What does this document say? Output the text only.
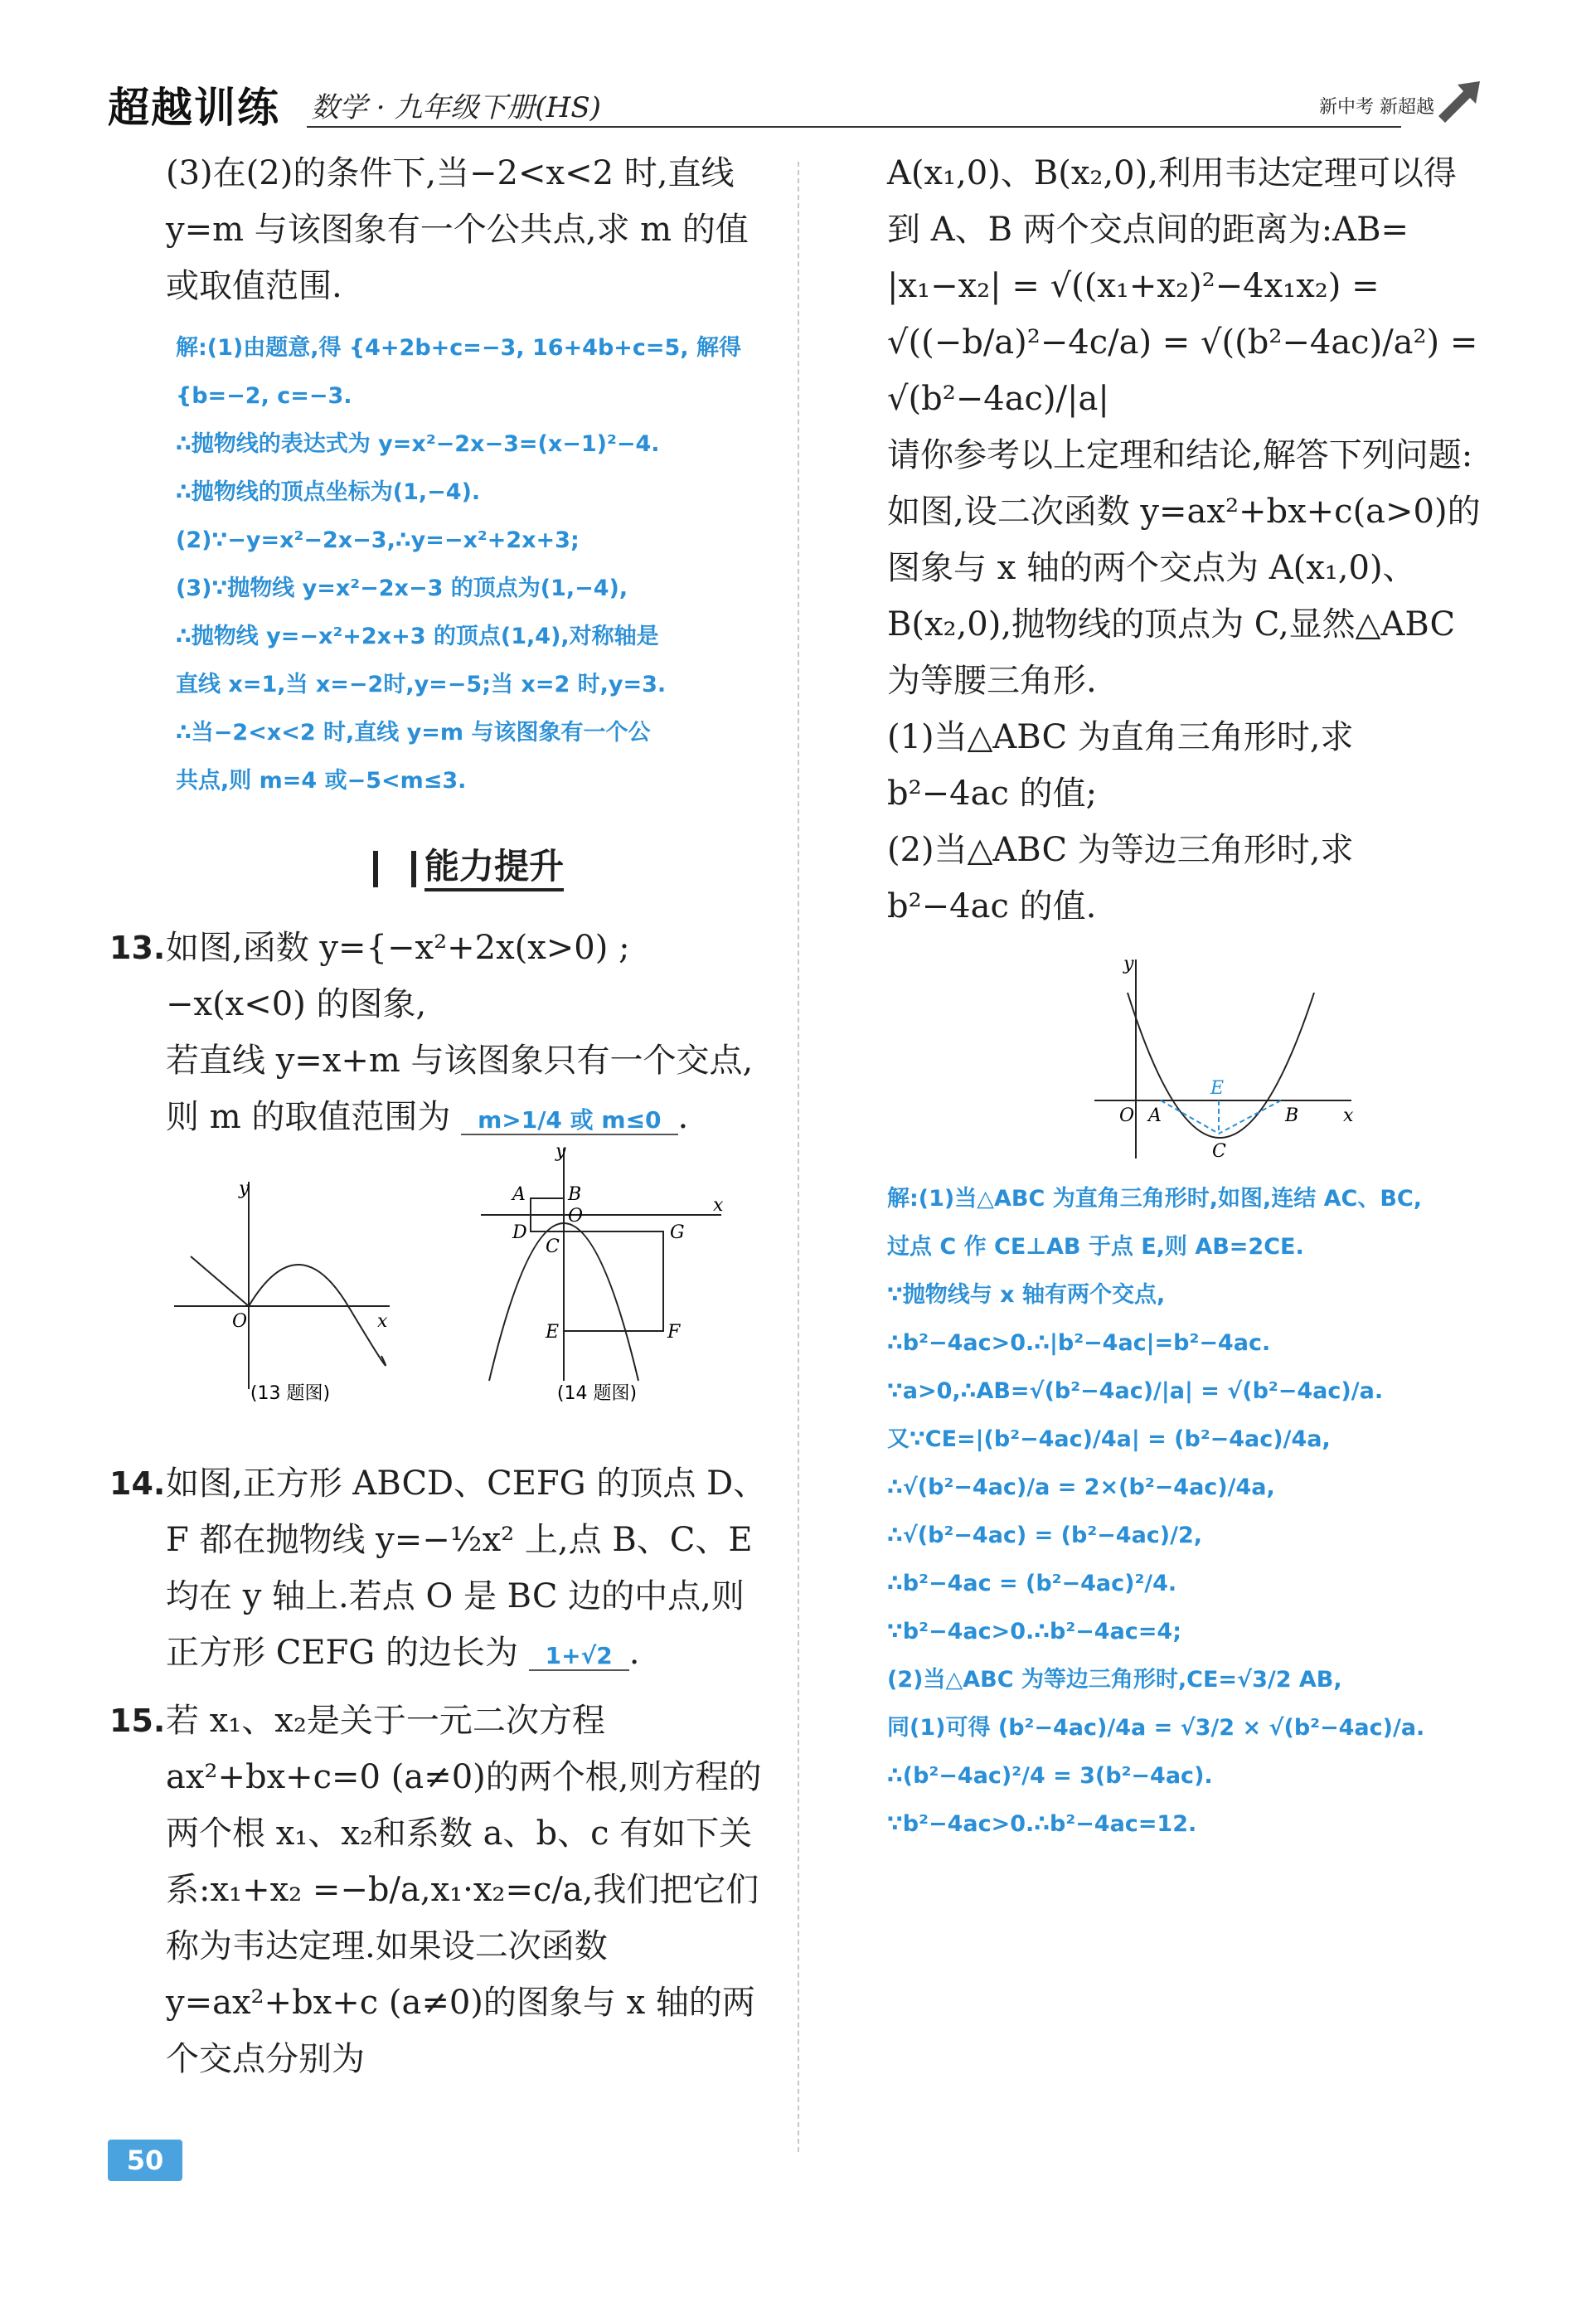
超越训练 数学 · 九年级下册(HS)	新中考 新超越
(3)在(2)的条件下,当−2<x<2 时,直线 y=m 与该图象有一个公共点,求 m 的值或取值范围.
解:(1)由题意,得 {4+2b+c=−3, 16+4b+c=5, 解得 {b=−2, c=−3.
∴抛物线的表达式为 y=x²−2x−3=(x−1)²−4.
∴抛物线的顶点坐标为(1,−4).
(2)∵−y=x²−2x−3,∴y=−x²+2x+3;
(3)∵抛物线 y=x²−2x−3 的顶点为(1,−4),
∴抛物线 y=−x²+2x+3 的顶点(1,4),对称轴是
直线 x=1,当 x=−2时,y=−5;当 x=2 时,y=3.
∴当−2<x<2 时,直线 y=m 与该图象有一个公
共点,则 m=4 或−5<m≤3.
能力提升
13. 如图,函数 y={−x²+2x(x>0) ; −x(x<0) 的图象,
若直线 y=x+m 与该图象只有一个交点,则 m 的取值范围为 m>1/4 或 m≤0 .
y
O	x
(13 题图)
y
A B
D
O
G
x
C
E	F
(14 题图)
14. 如图,正方形 ABCD、CEFG 的顶点 D、F 都在抛物线 y=−½x² 上,点 B、C、E 均在 y 轴上.若点 O 是 BC 边的中点,则正方形 CEFG 的边长为 1+√2 .
15. 若 x₁、x₂是关于一元二次方程 ax²+bx+c=0 (a≠0)的两个根,则方程的两个根 x₁、x₂和系数 a、b、c 有如下关系:x₁+x₂ =−b/a,x₁·x₂=c/a,我们把它们称为韦达定理.如果设二次函数 y=ax²+bx+c (a≠0)的图象与 x 轴的两个交点分别为
A(x₁,0)、B(x₂,0),利用韦达定理可以得到 A、B 两个交点间的距离为:AB=
|x₁−x₂| = √((x₁+x₂)²−4x₁x₂) =
√((−b/a)²−4c/a) = √((b²−4ac)/a²) = √(b²−4ac)/|a|
请你参考以上定理和结论,解答下列问题:
如图,设二次函数 y=ax²+bx+c(a>0)的图象与 x 轴的两个交点为 A(x₁,0)、B(x₂,0),抛物线的顶点为 C,显然△ABC 为等腰三角形.
(1)当△ABC 为直角三角形时,求 b²−4ac 的值;
(2)当△ABC 为等边三角形时,求 b²−4ac 的值.
y
E
O A	B x
C
解:(1)当△ABC 为直角三角形时,如图,连结 AC、BC,
过点 C 作 CE⊥AB 于点 E,则 AB=2CE.
∵抛物线与 x 轴有两个交点,
∴b²−4ac>0.∴|b²−4ac|=b²−4ac.
∵a>0,∴AB=√(b²−4ac)/|a| = √(b²−4ac)/a.
又∵CE=|(b²−4ac)/4a| = (b²−4ac)/4a,
∴√(b²−4ac)/a = 2×(b²−4ac)/4a,
∴√(b²−4ac) = (b²−4ac)/2,
∴b²−4ac = (b²−4ac)²/4.
∵b²−4ac>0.∴b²−4ac=4;
(2)当△ABC 为等边三角形时,CE=√3/2 AB,
同(1)可得 (b²−4ac)/4a = √3/2 × √(b²−4ac)/a.
∴(b²−4ac)²/4 = 3(b²−4ac).
∵b²−4ac>0.∴b²−4ac=12.
50
